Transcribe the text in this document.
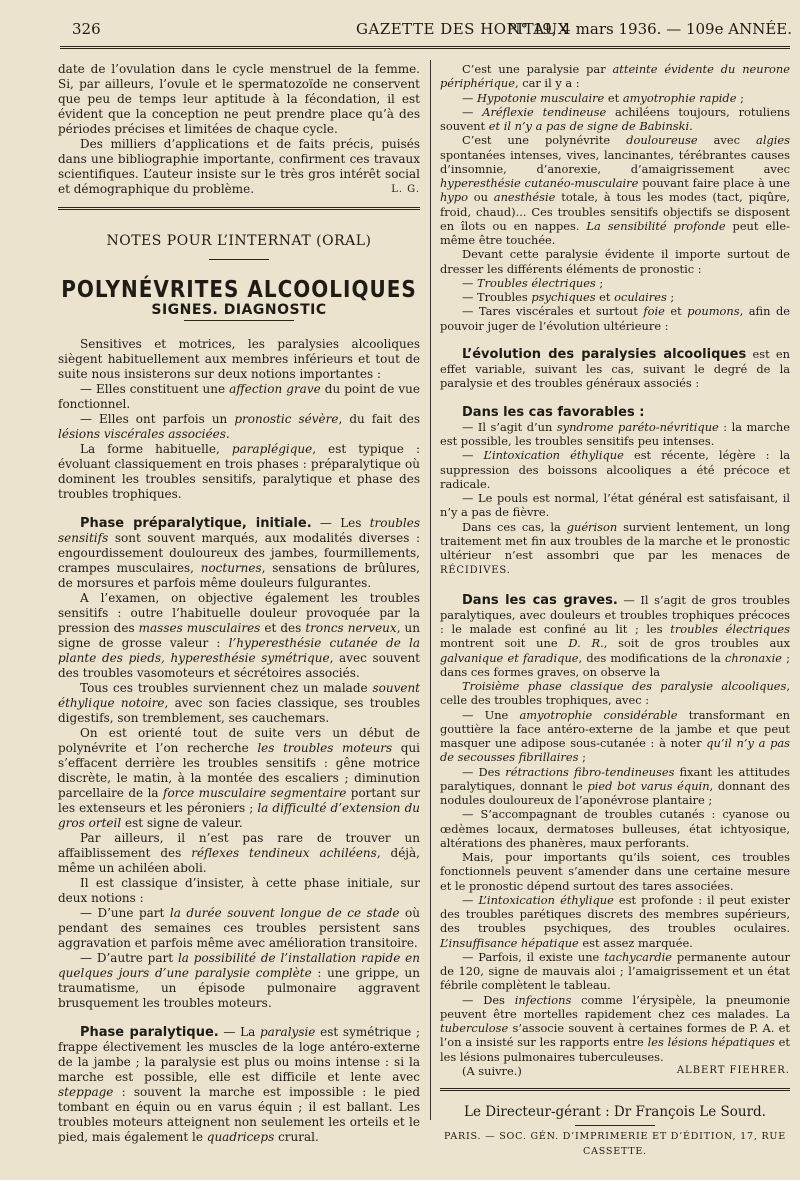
326	GAZETTE DES HOPITAUX
N° 19, 4 mars 1936. — 109e ANNÉE.

date de l’ovulation dans le cycle menstruel de la femme. Si, par ailleurs, l’ovule et le spermatozoïde ne conservent que peu de temps leur aptitude à la fécondation, il est évident que la conception ne peut prendre place qu’à des périodes précises et limitées de chaque cycle.

Des milliers d’applications et de faits précis, puisés dans une bibliographie importante, confirment ces travaux scientifiques. L’auteur insiste sur le très gros intérêt social et démographique du problème.	L. G.

NOTES POUR L’INTERNAT (ORAL)
POLYNÉVRITES ALCOOLIQUES
SIGNES. DIAGNOSTIC

Sensitives et motrices, les paralysies alcooliques siègent habituellement aux membres inférieurs et tout de suite nous insisterons sur deux notions importantes :

— Elles constituent une affection grave du point de vue fonctionnel.

— Elles ont parfois un pronostic sévère, du fait des lésions viscérales associées.

La forme habituelle, paraplégique, est typique : évoluant classiquement en trois phases : préparalytique où dominent les troubles sensitifs, paralytique et phase des troubles trophiques.

Phase préparalytique, initiale. — Les troubles sensitifs sont souvent marqués, aux modalités diverses : engourdissement douloureux des jambes, fourmillements, crampes musculaires, nocturnes, sensations de brûlures, de morsures et parfois même douleurs fulgurantes.

A l’examen, on objective également les troubles sensitifs : outre l’habituelle douleur provoquée par la pression des masses musculaires et des troncs nerveux, un signe de grosse valeur : l’hyperesthésie cutanée de la plante des pieds, hyperesthésie symétrique, avec souvent des troubles vasomoteurs et sécrétoires associés.

Tous ces troubles surviennent chez un malade souvent éthylique notoire, avec son facies classique, ses troubles digestifs, son tremblement, ses cauchemars.

On est orienté tout de suite vers un début de polynévrite et l’on recherche les troubles moteurs qui s’effacent derrière les troubles sensitifs : gêne motrice discrète, le matin, à la montée des escaliers ; diminution parcellaire de la force musculaire segmentaire portant sur les extenseurs et les péroniers ; la difficulté d’extension du gros orteil est signe de valeur.

Par ailleurs, il n’est pas rare de trouver un affaiblissement des réflexes tendineux achiléens, déjà, même un achiléen aboli.

Il est classique d’insister, à cette phase initiale, sur deux notions :

— D’une part la durée souvent longue de ce stade où pendant des semaines ces troubles persistent sans aggravation et parfois même avec amélioration transitoire.

— D’autre part la possibilité de l’installation rapide en quelques jours d’une paralysie complète : une grippe, un traumatisme, un épisode pulmonaire aggravent brusquement les troubles moteurs.

Phase paralytique. — La paralysie est symétrique ; frappe électivement les muscles de la loge antéro-externe de la jambe ; la paralysie est plus ou moins intense : si la marche est possible, elle est difficile et lente avec steppage : souvent la marche est impossible : le pied tombant en équin ou en varus équin ; il est ballant. Les troubles moteurs atteignent non seulement les orteils et le pied, mais également le quadriceps crural.

C’est une paralysie par atteinte évidente du neurone périphérique, car il y a :

— Hypotonie musculaire et amyotrophie rapide ;

— Aréflexie tendineuse achiléens toujours, rotuliens souvent et il n’y a pas de signe de Babinski.

C’est une polynévrite douloureuse avec algies spontanées intenses, vives, lancinantes, térébrantes causes d’insomnie, d’anorexie, d’amaigrissement avec hyperesthésie cutanéo-musculaire pouvant faire place à une hypo ou anesthésie totale, à tous les modes (tact, piqûre, froid, chaud)... Ces troubles sensitifs objectifs se disposent en îlots ou en nappes. La sensibilité profonde peut elle-même être touchée.

Devant cette paralysie évidente il importe surtout de dresser les différents éléments de pronostic :

— Troubles électriques ;

— Troubles psychiques et oculaires ;

— Tares viscérales et surtout foie et poumons, afin de pouvoir juger de l’évolution ultérieure :

L’évolution des paralysies alcooliques est en effet variable, suivant les cas, suivant le degré de la paralysie et des troubles généraux associés :

Dans les cas favorables :

— Il s’agit d’un syndrome paréto-névritique : la marche est possible, les troubles sensitifs peu intenses.

— L’intoxication éthylique est récente, légère : la suppression des boissons alcooliques a été précoce et radicale.

— Le pouls est normal, l’état général est satisfaisant, il n’y a pas de fièvre.

Dans ces cas, la guérison survient lentement, un long traitement met fin aux troubles de la marche et le pronostic ultérieur n’est assombri que par les menaces de RÉCIDIVES.

Dans les cas graves. — Il s’agit de gros troubles paralytiques, avec douleurs et troubles trophiques précoces : le malade est confiné au lit ; les troubles électriques montrent soit une D. R., soit de gros troubles aux galvanique et faradique, des modifications de la chronaxie ; dans ces formes graves, on observe la

Troisième phase classique des paralysie alcooliques, celle des troubles trophiques, avec :

— Une amyotrophie considérable transformant en gouttière la face antéro-externe de la jambe et que peut masquer une adipose sous-cutanée : à noter qu’il n’y a pas de secousses fibrillaires ;

— Des rétractions fibro-tendineuses fixant les attitudes paralytiques, donnant le pied bot varus équin, donnant des nodules douloureux de l’aponévrose plantaire ;

— S’accompagnant de troubles cutanés : cyanose ou œdèmes locaux, dermatoses bulleuses, état ichtyosique, altérations des phanères, maux perforants.

Mais, pour importants qu’ils soient, ces troubles fonctionnels peuvent s’amender dans une certaine mesure et le pronostic dépend surtout des tares associées.

— L’intoxication éthylique est profonde : il peut exister des troubles parétiques discrets des membres supérieurs, des troubles psychiques, des troubles oculaires. L’insuffisance hépatique est assez marquée.

— Parfois, il existe une tachycardie permanente autour de 120, signe de mauvais aloi ; l’amaigrissement et un état fébrile complètent le tableau.

— Des infections comme l’érysipèle, la pneumonie peuvent être mortelles rapidement chez ces malades. La tuberculose s’associe souvent à certaines formes de P. A. et l’on a insisté sur les rapports entre les lésions hépatiques et les lésions pulmonaires tuberculeuses.

(A suivre.)	ALBERT FIEHRER.

Le Directeur-gérant : Dr François Le Sourd.
PARIS. — SOC. GÉN. D’IMPRIMERIE ET D’ÉDITION, 17, RUE CASSETTE.
